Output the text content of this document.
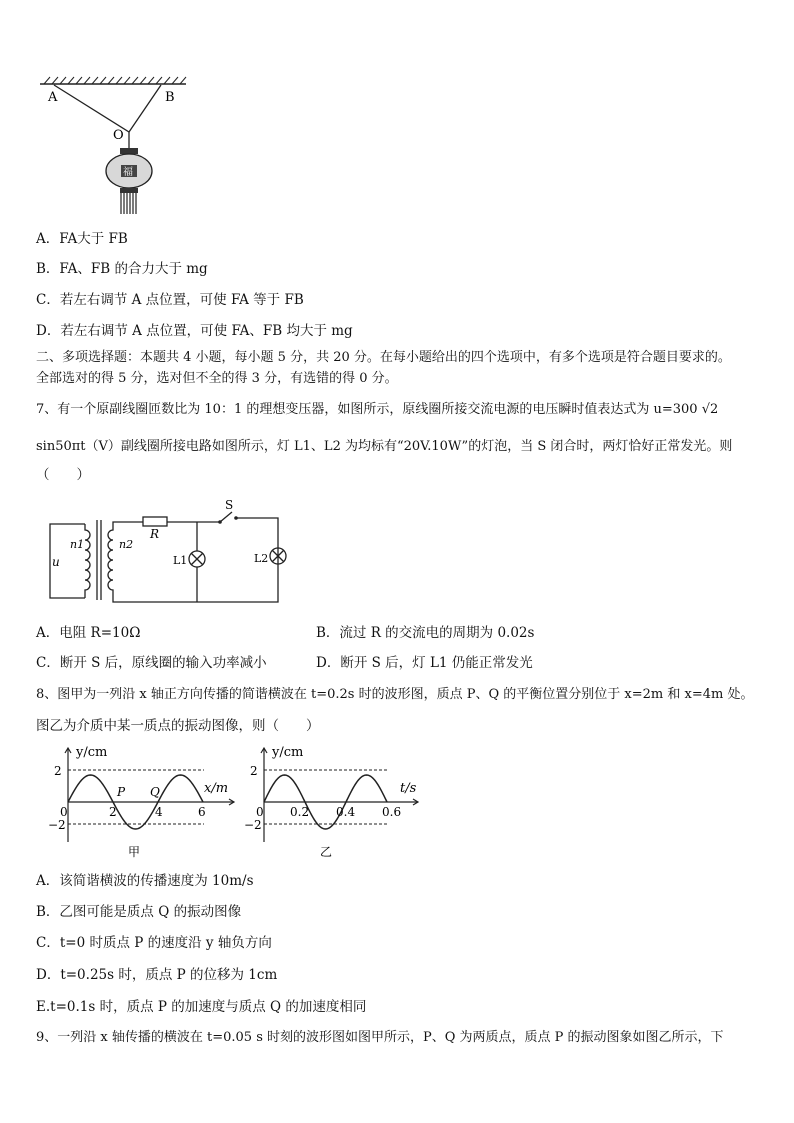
A	B
O
福
A．FA大于 FB
B．FA、FB 的合力大于 mg
C．若左右调节 A 点位置，可使 FA 等于 FB
D．若左右调节 A 点位置，可使 FA、FB 均大于 mg
二、多项选择题：本题共 4 小题，每小题 5 分，共 20 分。在每小题给出的四个选项中，有多个选项是符合题目要求的。
全部选对的得 5 分，选对但不全的得 3 分，有选错的得 0 分。
7、有一个原副线圈匝数比为 10：1 的理想变压器，如图所示，原线圈所接交流电源的电压瞬时值表达式为 u=300 √2
sin50πt（V）副线圈所接电路如图所示，灯 L1、L2 为均标有“20V.10W”的灯泡，当 S 闭合时，两灯恰好正常发光。则
（　　）
u
n1	n2
R
S
L1	L2
A．电阻 R=10Ω	B．流过 R 的交流电的周期为 0.02s
C．断开 S 后，原线圈的输入功率减小	D．断开 S 后，灯 L1 仍能正常发光
8、图甲为一列沿 x 轴正方向传播的简谐横波在 t=0.2s 时的波形图，质点 P、Q 的平衡位置分别位于 x=2m 和 x=4m 处。
图乙为介质中某一质点的振动图像，则（　　）
y/cm
x/m
2
−2
0	2	4	6
P Q
甲
y/cm
t/s
2
−2
0 0.2 0.4 0.6
乙
A．该简谐横波的传播速度为 10m/s
B．乙图可能是质点 Q 的振动图像
C．t=0 时质点 P 的速度沿 y 轴负方向
D．t=0.25s 时，质点 P 的位移为 1cm
E.t=0.1s 时，质点 P 的加速度与质点 Q 的加速度相同
9、一列沿 x 轴传播的横波在 t=0.05 s 时刻的波形图如图甲所示，P、Q 为两质点，质点 P 的振动图象如图乙所示，下
